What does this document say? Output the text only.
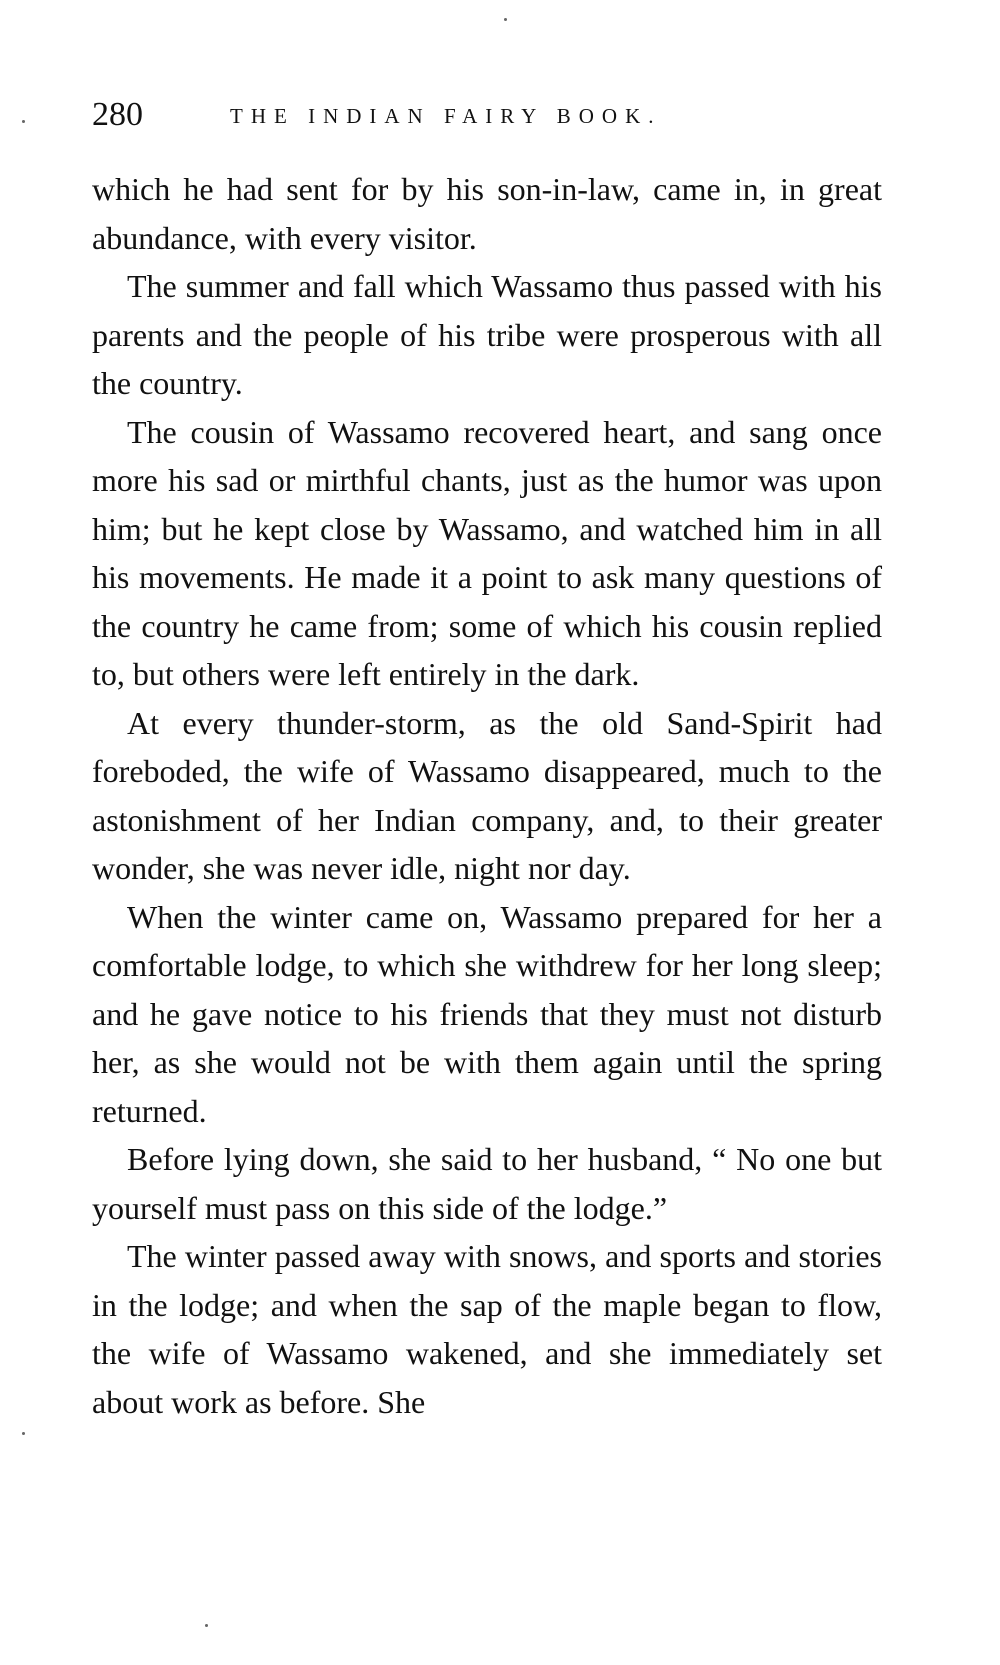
280	THE INDIAN FAIRY BOOK.

which he had sent for by his son-in-law, came in, in great abundance, with every visitor.

The summer and fall which Wassamo thus passed with his parents and the people of his tribe were prosperous with all the country.

The cousin of Wassamo recovered heart, and sang once more his sad or mirthful chants, just as the humor was upon him; but he kept close by Wassamo, and watched him in all his movements. He made it a point to ask many questions of the country he came from; some of which his cousin replied to, but others were left entirely in the dark.

At every thunder-storm, as the old Sand-Spirit had foreboded, the wife of Wassamo disappeared, much to the astonishment of her Indian company, and, to their greater wonder, she was never idle, night nor day.

When the winter came on, Wassamo prepared for her a comfortable lodge, to which she withdrew for her long sleep; and he gave notice to his friends that they must not disturb her, as she would not be with them again until the spring returned.

Before lying down, she said to her husband, “ No one but yourself must pass on this side of the lodge.”

The winter passed away with snows, and sports and stories in the lodge; and when the sap of the maple began to flow, the wife of Wassamo wakened, and she immediately set about work as before. She
